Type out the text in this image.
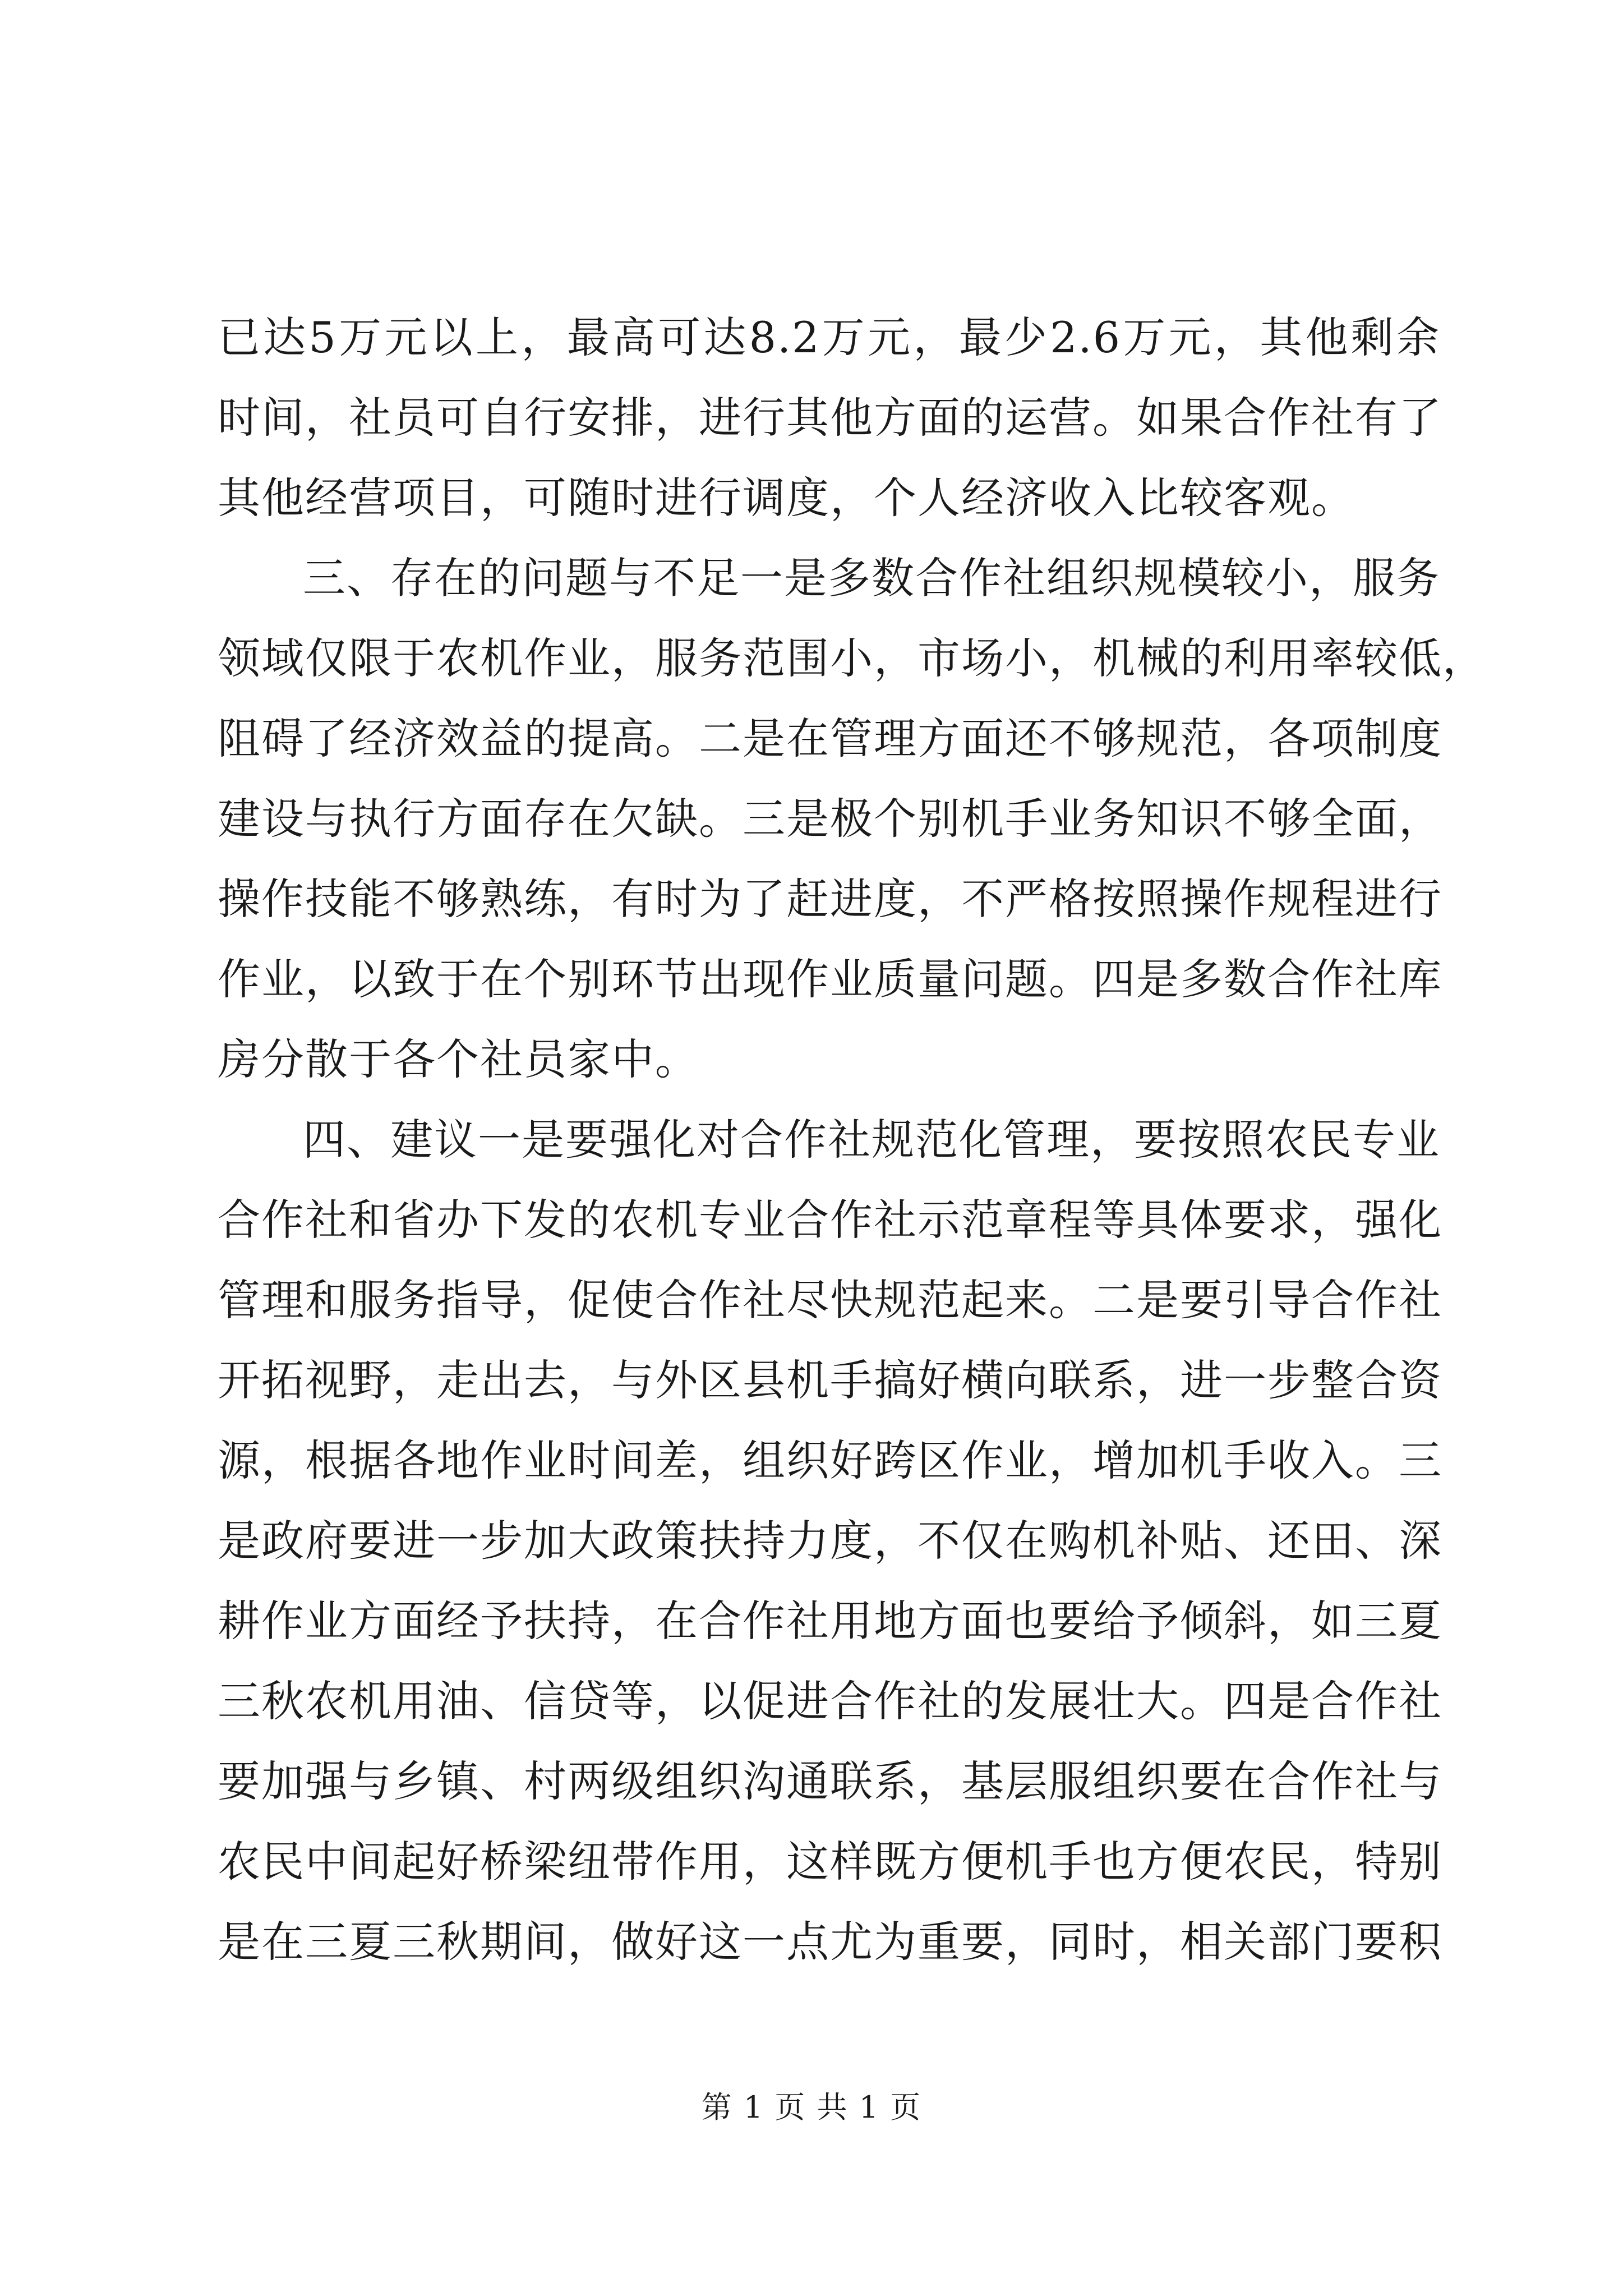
已达5万元以上，最高可达8.2万元，最少2.6万元，其他剩余
时间，社员可自行安排，进行其他方面的运营。如果合作社有了
其他经营项目，可随时进行调度，个人经济收入比较客观。
三、存在的问题与不足一是多数合作社组织规模较小，服务
领域仅限于农机作业，服务范围小，市场小，机械的利用率较低，
阻碍了经济效益的提高。二是在管理方面还不够规范，各项制度
建设与执行方面存在欠缺。三是极个别机手业务知识不够全面，
操作技能不够熟练，有时为了赶进度，不严格按照操作规程进行
作业，以致于在个别环节出现作业质量问题。四是多数合作社库
房分散于各个社员家中。
四、建议一是要强化对合作社规范化管理，要按照农民专业
合作社和省办下发的农机专业合作社示范章程等具体要求，强化
管理和服务指导，促使合作社尽快规范起来。二是要引导合作社
开拓视野，走出去，与外区县机手搞好横向联系，进一步整合资
源，根据各地作业时间差，组织好跨区作业，增加机手收入。三
是政府要进一步加大政策扶持力度，不仅在购机补贴、还田、深
耕作业方面经予扶持，在合作社用地方面也要给予倾斜，如三夏
三秋农机用油、信贷等，以促进合作社的发展壮大。四是合作社
要加强与乡镇、村两级组织沟通联系，基层服组织要在合作社与
农民中间起好桥梁纽带作用，这样既方便机手也方便农民，特别
是在三夏三秋期间，做好这一点尤为重要，同时，相关部门要积
第 1 页 共 1 页
